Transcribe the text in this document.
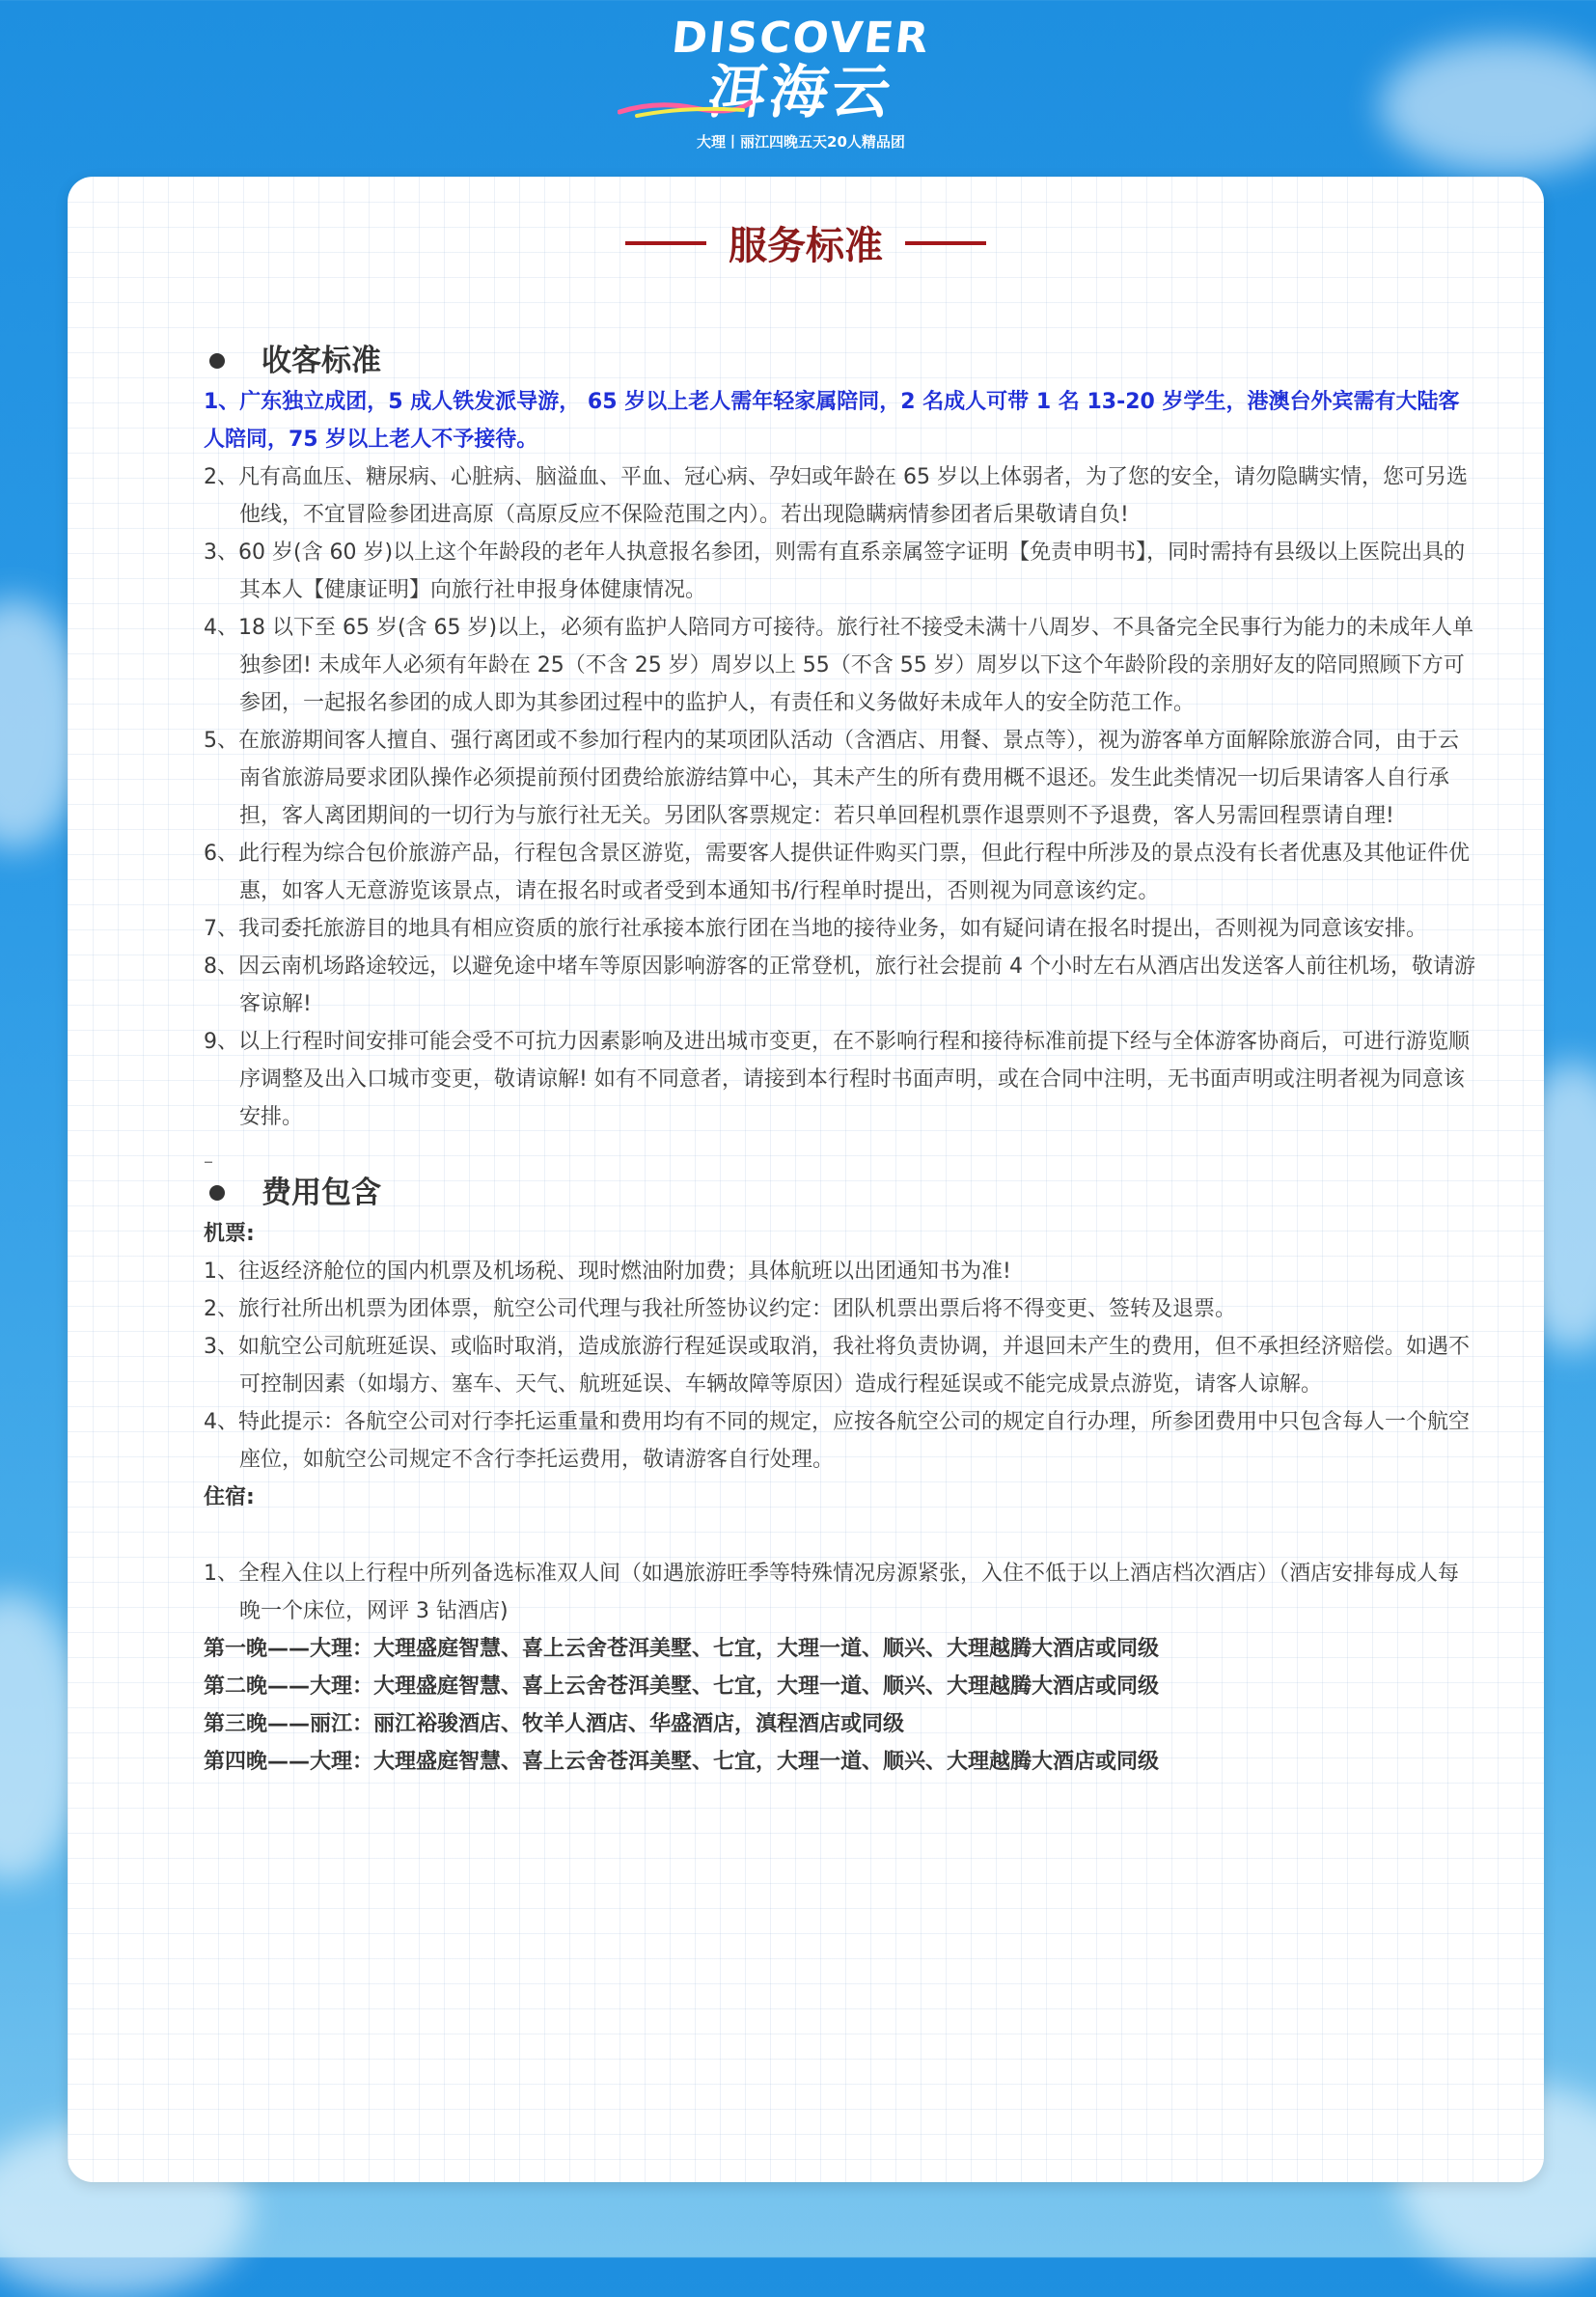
DISCOVER
洱海云
大理丨丽江四晚五天20人精品团
服务标准
收客标准

1、广东独立成团，5 成人铁发派导游， 65 岁以上老人需年轻家属陪同，2 名成人可带 1 名 13-20 岁学生，港澳台外宾需有大陆客人陪同，75 岁以上老人不予接待。

2、凡有高血压、糖尿病、心脏病、脑溢血、平血、冠心病、孕妇或年龄在 65 岁以上体弱者，为了您的安全，请勿隐瞒实情，您可另选他线，不宜冒险参团进高原（高原反应不保险范围之内）。若出现隐瞒病情参团者后果敬请自负!

3、60 岁(含 60 岁)以上这个年龄段的老年人执意报名参团，则需有直系亲属签字证明【免责申明书】，同时需持有县级以上医院出具的其本人【健康证明】向旅行社申报身体健康情况。

4、18 以下至 65 岁(含 65 岁)以上，必须有监护人陪同方可接待。旅行社不接受未满十八周岁、不具备完全民事行为能力的未成年人单独参团! 未成年人必须有年龄在 25（不含 25 岁）周岁以上 55（不含 55 岁）周岁以下这个年龄阶段的亲朋好友的陪同照顾下方可参团，一起报名参团的成人即为其参团过程中的监护人，有责任和义务做好未成年人的安全防范工作。

5、在旅游期间客人擅自、强行离团或不参加行程内的某项团队活动（含酒店、用餐、景点等），视为游客单方面解除旅游合同，由于云南省旅游局要求团队操作必须提前预付团费给旅游结算中心，其未产生的所有费用概不退还。发生此类情况一切后果请客人自行承担，客人离团期间的一切行为与旅行社无关。另团队客票规定：若只单回程机票作退票则不予退费，客人另需回程票请自理!

6、此行程为综合包价旅游产品，行程包含景区游览，需要客人提供证件购买门票，但此行程中所涉及的景点没有长者优惠及其他证件优惠，如客人无意游览该景点，请在报名时或者受到本通知书/行程单时提出，否则视为同意该约定。

7、我司委托旅游目的地具有相应资质的旅行社承接本旅行团在当地的接待业务，如有疑问请在报名时提出，否则视为同意该安排。

8、因云南机场路途较远，以避免途中堵车等原因影响游客的正常登机，旅行社会提前 4 个小时左右从酒店出发送客人前往机场，敬请游客谅解!

9、以上行程时间安排可能会受不可抗力因素影响及进出城市变更，在不影响行程和接待标准前提下经与全体游客协商后，可进行游览顺序调整及出入口城市变更，敬请谅解! 如有不同意者，请接到本行程时书面声明，或在合同中注明，无书面声明或注明者视为同意该安排。

–
费用包含

机票:

1、往返经济舱位的国内机票及机场税、现时燃油附加费；具体航班以出团通知书为准!

2、旅行社所出机票为团体票，航空公司代理与我社所签协议约定：团队机票出票后将不得变更、签转及退票。

3、如航空公司航班延误、或临时取消，造成旅游行程延误或取消，我社将负责协调，并退回未产生的费用，但不承担经济赔偿。如遇不可控制因素（如塌方、塞车、天气、航班延误、车辆故障等原因）造成行程延误或不能完成景点游览，请客人谅解。

4、特此提示：各航空公司对行李托运重量和费用均有不同的规定，应按各航空公司的规定自行办理，所参团费用中只包含每人一个航空座位，如航空公司规定不含行李托运费用，敬请游客自行处理。

住宿:

1、全程入住以上行程中所列备选标准双人间（如遇旅游旺季等特殊情况房源紧张，入住不低于以上酒店档次酒店）（酒店安排每成人每晚一个床位，网评 3 钻酒店)

第一晚——大理：大理盛庭智慧、喜上云舍苍洱美墅、七宜，大理一道、顺兴、大理越腾大酒店或同级

第二晚——大理：大理盛庭智慧、喜上云舍苍洱美墅、七宜，大理一道、顺兴、大理越腾大酒店或同级

第三晚——丽江：丽江裕骏酒店、牧羊人酒店、华盛酒店，滇程酒店或同级

第四晚——大理：大理盛庭智慧、喜上云舍苍洱美墅、七宜，大理一道、顺兴、大理越腾大酒店或同级
